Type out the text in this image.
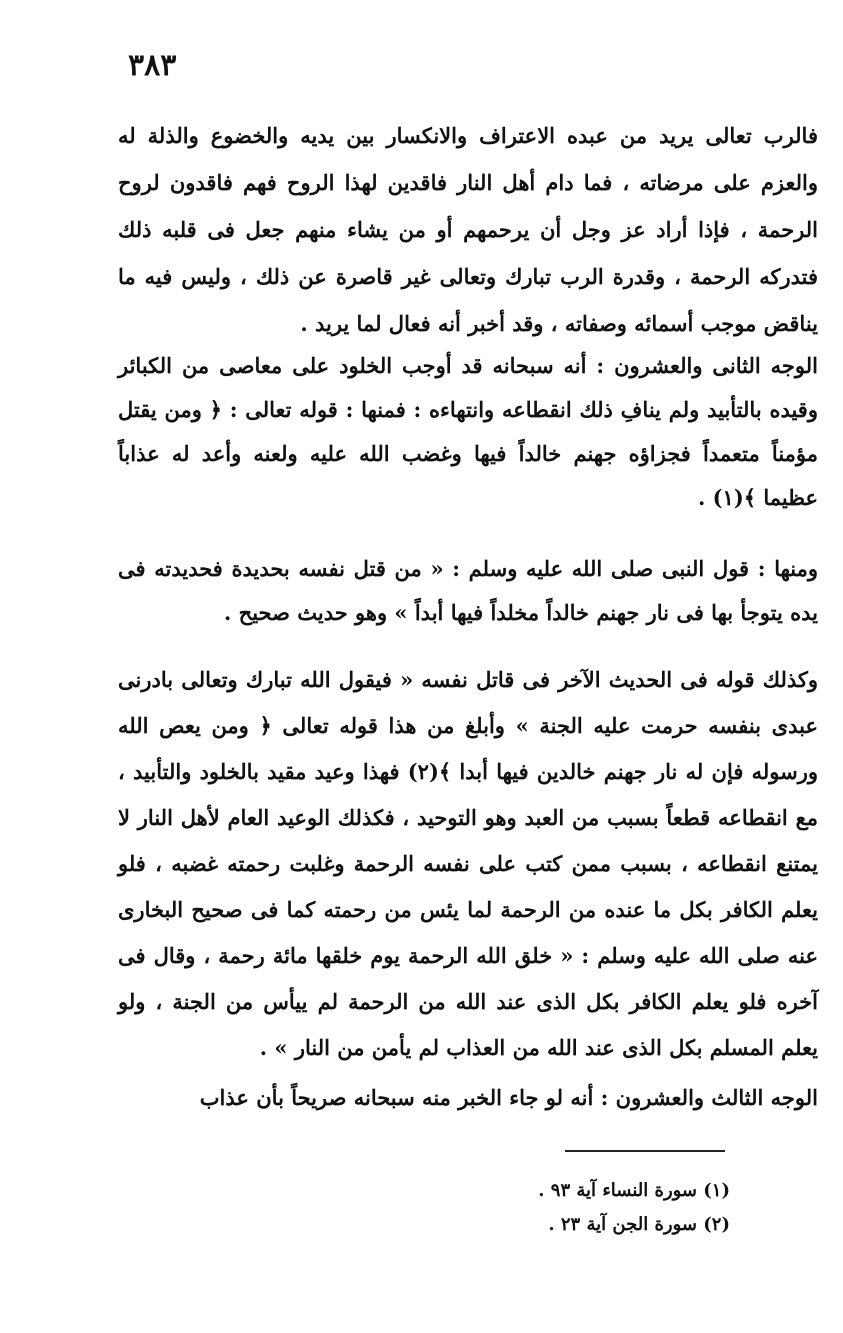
٣٨٣

فالرب تعالى يريد من عبده الاعتراف والانكسار بين يديه والخضوع والذلة له والعزم على مرضاته ، فما دام أهل النار فاقدين لهذا الروح فهم فاقدون لروح الرحمة ، فإذا أراد عز وجل أن يرحمهم أو من يشاء منهم جعل فى قلبه ذلك فتدركه الرحمة ، وقدرة الرب تبارك وتعالى غير قاصرة عن ذلك ، وليس فيه ما يناقض موجب أسمائه وصفاته ، وقد أخبر أنه فعال لما يريد .

الوجه الثانى والعشرون : أنه سبحانه قد أوجب الخلود على معاصى من الكبائر وقيده بالتأبيد ولم ينافِ ذلك انقطاعه وانتهاءه : فمنها : قوله تعالى : ﴿ ومن يقتل مؤمناً متعمداً فجزاؤه جهنم خالداً فيها وغضب الله عليه ولعنه وأعد له عذاباً عظيما ﴾(١) .

ومنها : قول النبى صلى الله عليه وسلم : « من قتل نفسه بحديدة فحديدته فى يده يتوجأ بها فى نار جهنم خالداً مخلداً فيها أبداً » وهو حديث صحيح .

وكذلك قوله فى الحديث الآخر فى قاتل نفسه « فيقول الله تبارك وتعالى بادرنى عبدى بنفسه حرمت عليه الجنة » وأبلغ من هذا قوله تعالى ﴿ ومن يعص الله ورسوله فإن له نار جهنم خالدين فيها أبدا ﴾(٢) فهذا وعيد مقيد بالخلود والتأبيد ، مع انقطاعه قطعاً بسبب من العبد وهو التوحيد ، فكذلك الوعيد العام لأهل النار لا يمتنع انقطاعه ، بسبب ممن كتب على نفسه الرحمة وغلبت رحمته غضبه ، فلو يعلم الكافر بكل ما عنده من الرحمة لما يئس من رحمته كما فى صحيح البخارى عنه صلى الله عليه وسلم : « خلق الله الرحمة يوم خلقها مائة رحمة ، وقال فى آخره فلو يعلم الكافر بكل الذى عند الله من الرحمة لم ييأس من الجنة ، ولو يعلم المسلم بكل الذى عند الله من العذاب لم يأمن من النار » .

الوجه الثالث والعشرون : أنه لو جاء الخبر منه سبحانه صريحاً بأن عذاب

(١) سورة النساء آية ٩٣ .
(٢) سورة الجن آية ٢٣ .
